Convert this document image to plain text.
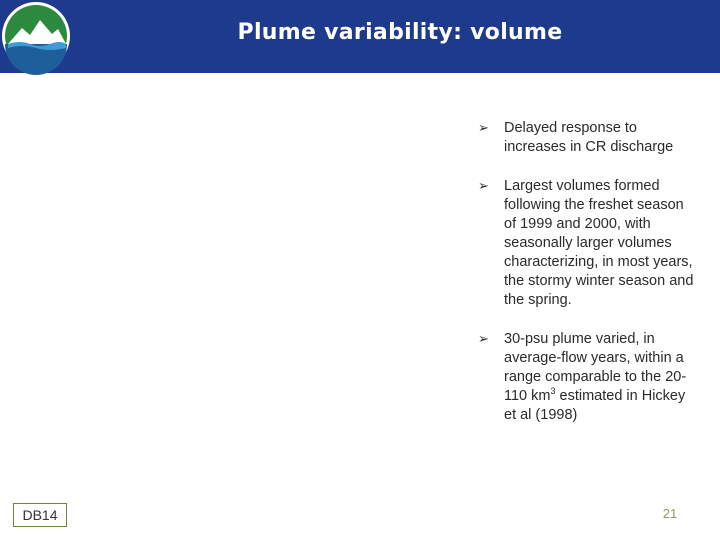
Plume variability: volume
➢ Delayed response to increases in CR discharge
➢ Largest volumes formed following the freshet season of 1999 and 2000, with seasonally larger volumes characterizing, in most years, the stormy winter season and the spring.
➢ 30-psu plume varied, in average-flow years, within a range comparable to the 20-110 $km^3$ estimated in Hickey et al (1998)
DB14	21
